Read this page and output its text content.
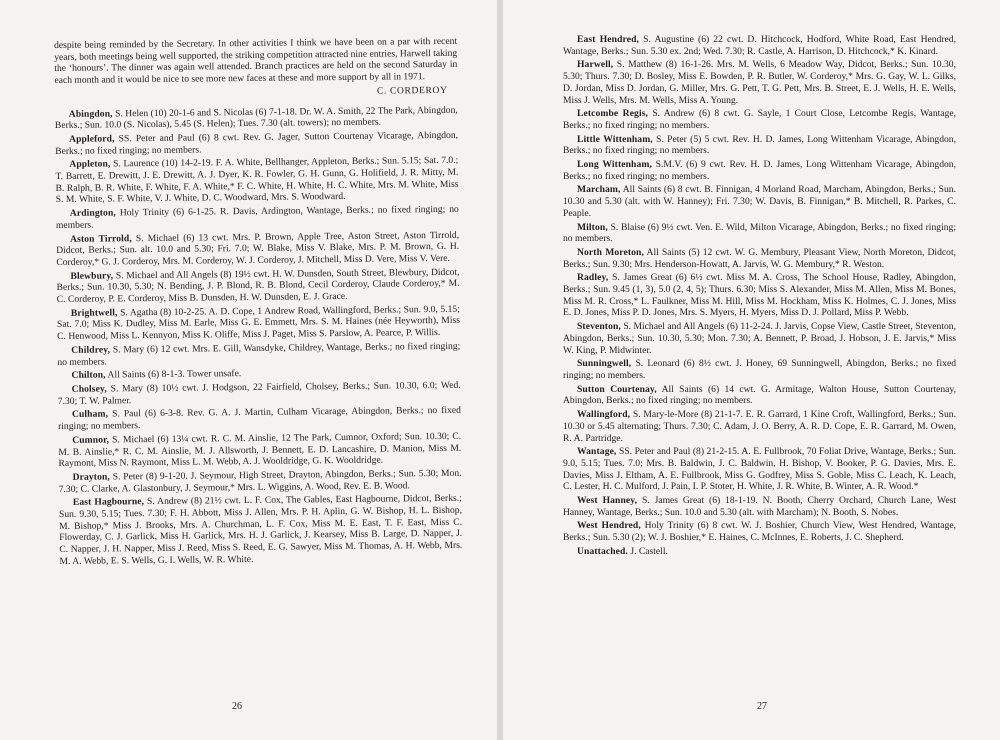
despite being reminded by the Secretary. In other activities I think we have been on a par with recent years, both meetings being well supported, the striking competition attracted nine entries, Harwell taking the ‘honours’. The dinner was again well attended. Branch practices are held on the second Saturday in each month and it would be nice to see more new faces at these and more support by all in 1971.

C. CORDEROY

Abingdon, S. Helen (10) 20-1-6 and S. Nicolas (6) 7-1-18. Dr. W. A. Smith, 22 The Park, Abingdon, Berks.; Sun. 10.0 (S. Nicolas), 5.45 (S. Helen); Tues. 7.30 (alt. towers); no members.

Appleford, SS. Peter and Paul (6) 8 cwt. Rev. G. Jager, Sutton Courtenay Vicarage, Abingdon, Berks.; no fixed ringing; no members.

Appleton, S. Laurence (10) 14-2-19. F. A. White, Bellhanger, Appleton, Berks.; Sun. 5.15; Sat. 7.0.; T. Barrett, E. Drewitt, J. E. Drewitt, A. J. Dyer, K. R. Fowler, G. H. Gunn, G. Holifield, J. R. Mitty, M. B. Ralph, B. R. White, F. White, F. A. White,* F. C. White, H. White, H. C. White, Mrs. M. White, Miss S. M. White, S. F. White, V. J. White, D. C. Woodward, Mrs. S. Woodward.

Ardington, Holy Trinity (6) 6-1-25. R. Davis, Ardington, Wantage, Berks.; no fixed ringing; no members.

Aston Tirrold, S. Michael (6) 13 cwt. Mrs. P. Brown, Apple Tree, Aston Street, Aston Tirrold, Didcot, Berks.; Sun. alt. 10.0 and 5.30; Fri. 7.0; W. Blake, Miss V. Blake, Mrs. P. M. Brown, G. H. Corderoy,* G. J. Corderoy, Mrs. M. Corderoy, W. J. Corderoy, J. Mitchell, Miss D. Vere, Miss V. Vere.

Blewbury, S. Michael and All Angels (8) 19½ cwt. H. W. Dunsden, South Street, Blewbury, Didcot, Berks.; Sun. 10.30, 5.30; N. Bending, J. P. Blond, R. B. Blond, Cecil Corderoy, Claude Corderoy,* M. C. Corderoy, P. E. Corderoy, Miss B. Dunsden, H. W. Dunsden, E. J. Grace.

Brightwell, S. Agatha (8) 10-2-25. A. D. Cope, 1 Andrew Road, Wallingford, Berks.; Sun. 9.0, 5.15; Sat. 7.0; Miss K. Dudley, Miss M. Earle, Miss G. E. Emmett, Mrs. S. M. Haines (née Heyworth), Miss C. Henwood, Miss L. Kennyon, Miss K. Oliffe, Miss J. Paget, Miss S. Parslow, A. Pearce, P. Willis.

Childrey, S. Mary (6) 12 cwt. Mrs. E. Gill, Wansdyke, Childrey, Wantage, Berks.; no fixed ringing; no members.

Chilton, All Saints (6) 8-1-3. Tower unsafe.

Cholsey, S. Mary (8) 10½ cwt. J. Hodgson, 22 Fairfield, Cholsey, Berks.; Sun. 10.30, 6.0; Wed. 7.30; T. W. Palmer.

Culham, S. Paul (6) 6-3-8. Rev. G. A. J. Martin, Culham Vicarage, Abingdon, Berks.; no fixed ringing; no members.

Cumnor, S. Michael (6) 13¼ cwt. R. C. M. Ainslie, 12 The Park, Cumnor, Oxford; Sun. 10.30; C. M. B. Ainslie,* R. C. M. Ainslie, M. J. Allsworth, J. Bennett, E. D. Lancashire, D. Manion, Miss M. Raymont, Miss N. Raymont, Miss L. M. Webb, A. J. Wooldridge, G. K. Wooldridge.

Drayton, S. Peter (8) 9-1-20. J. Seymour, High Street, Drayton, Abingdon, Berks.; Sun. 5.30; Mon. 7.30; C. Clarke, A. Glastonbury, J. Seymour,* Mrs. L. Wiggins, A. Wood, Rev. E. B. Wood.

East Hagbourne, S. Andrew (8) 21½ cwt. L. F. Cox, The Gables, East Hagbourne, Didcot, Berks.; Sun. 9.30, 5.15; Tues. 7.30; F. H. Abbott, Miss J. Allen, Mrs. P. H. Aplin, G. W. Bishop, H. L. Bishop, M. Bishop,* Miss J. Brooks, Mrs. A. Churchman, L. F. Cox, Miss M. E. East, T. F. East, Miss C. Flowerday, C. J. Garlick, Miss H. Garlick, Mrs. H. J. Garlick, J. Kearsey, Miss B. Large, D. Napper, J. C. Napper, J. H. Napper, Miss J. Reed, Miss S. Reed, E. G. Sawyer, Miss M. Thomas, A. H. Webb, Mrs. M. A. Webb, E. S. Wells, G. I. Wells, W. R. White.

26

East Hendred, S. Augustine (6) 22 cwt. D. Hitchcock, Hodford, White Road, East Hendred, Wantage, Berks.; Sun. 5.30 ex. 2nd; Wed. 7.30; R. Castle, A. Harrison, D. Hitchcock,* K. Kinard.

Harwell, S. Matthew (8) 16-1-26. Mrs. M. Wells, 6 Meadow Way, Didcot, Berks.; Sun. 10.30, 5.30; Thurs. 7.30; D. Bosley, Miss E. Bowden, P. R. Butler, W. Corderoy,* Mrs. G. Gay, W. L. Gilks, D. Jordan, Miss D. Jordan, G. Miller, Mrs. G. Pett, T. G. Pett, Mrs. B. Street, E. J. Wells, H. E. Wells, Miss J. Wells, Mrs. M. Wells, Miss A. Young.

Letcombe Regis, S. Andrew (6) 8 cwt. G. Sayle, 1 Court Close, Letcombe Regis, Wantage, Berks.; no fixed ringing; no members.

Little Wittenham, S. Peter (5) 5 cwt. Rev. H. D. James, Long Wittenham Vicarage, Abingdon, Berks.; no fixed ringing; no members.

Long Wittenham, S.M.V. (6) 9 cwt. Rev. H. D. James, Long Wittenham Vicarage, Abingdon, Berks.; no fixed ringing; no members.

Marcham, All Saints (6) 8 cwt. B. Finnigan, 4 Morland Road, Marcham, Abingdon, Berks.; Sun. 10.30 and 5.30 (alt. with W. Hanney); Fri. 7.30; W. Davis, B. Finnigan,* B. Mitchell, R. Parkes, C. Peaple.

Milton, S. Blaise (6) 9½ cwt. Ven. E. Wild, Milton Vicarage, Abingdon, Berks.; no fixed ringing; no members.

North Moreton, All Saints (5) 12 cwt. W. G. Membury, Pleasant View, North Moreton, Didcot, Berks.; Sun. 9.30; Mrs. Henderson-Howatt, A. Jarvis, W. G. Membury,* R. Weston.

Radley, S. James Great (6) 6½ cwt. Miss M. A. Cross, The School House, Radley, Abingdon, Berks.; Sun. 9.45 (1, 3), 5.0 (2, 4, 5); Thurs. 6.30; Miss S. Alexander, Miss M. Allen, Miss M. Bones, Miss M. R. Cross,* L. Faulkner, Miss M. Hill, Miss M. Hockham, Miss K. Holmes, C. J. Jones, Miss E. D. Jones, Miss P. D. Jones, Mrs. S. Myers, H. Myers, Miss D. J. Pollard, Miss P. Webb.

Steventon, S. Michael and All Angels (6) 11-2-24. J. Jarvis, Copse View, Castle Street, Steventon, Abingdon, Berks.; Sun. 10.30, 5.30; Mon. 7.30; A. Bennett, P. Broad, J. Hobson, J. E. Jarvis,* Miss W. King, P. Midwinter.

Sunningwell, S. Leonard (6) 8½ cwt. J. Honey, 69 Sunningwell, Abingdon, Berks.; no fixed ringing; no members.

Sutton Courtenay, All Saints (6) 14 cwt. G. Armitage, Walton House, Sutton Courtenay, Abingdon, Berks.; no fixed ringing; no members.

Wallingford, S. Mary-le-More (8) 21-1-7. E. R. Garrard, 1 Kine Croft, Wallingford, Berks.; Sun. 10.30 or 5.45 alternating; Thurs. 7.30; C. Adam, J. O. Berry, A. R. D. Cope, E. R. Garrard, M. Owen, R. A. Partridge.

Wantage, SS. Peter and Paul (8) 21-2-15. A. E. Fullbrook, 70 Foliat Drive, Wantage, Berks.; Sun. 9.0, 5.15; Tues. 7.0; Mrs. B. Baldwin, J. C. Baldwin, H. Bishop, V. Booker, P. G. Davies, Mrs. E. Davies, Miss J. Eltham, A. E. Fullbrook, Miss G. Godfrey, Miss S. Goble, Miss C. Leach, K. Leach, C. Lester, H. C. Mulford, J. Pain, I. P. Stoter, H. White, J. R. White, B. Winter, A. R. Wood.*

West Hanney, S. James Great (6) 18-1-19. N. Booth, Cherry Orchard, Church Lane, West Hanney, Wantage, Berks.; Sun. 10.0 and 5.30 (alt. with Marcham); N. Booth, S. Nobes.

West Hendred, Holy Trinity (6) 8 cwt. W. J. Boshier, Church View, West Hendred, Wantage, Berks.; Sun. 5.30 (2); W. J. Boshier,* E. Haines, C. McInnes, E. Roberts, J. C. Shepherd.

Unattached. J. Castell.

27
